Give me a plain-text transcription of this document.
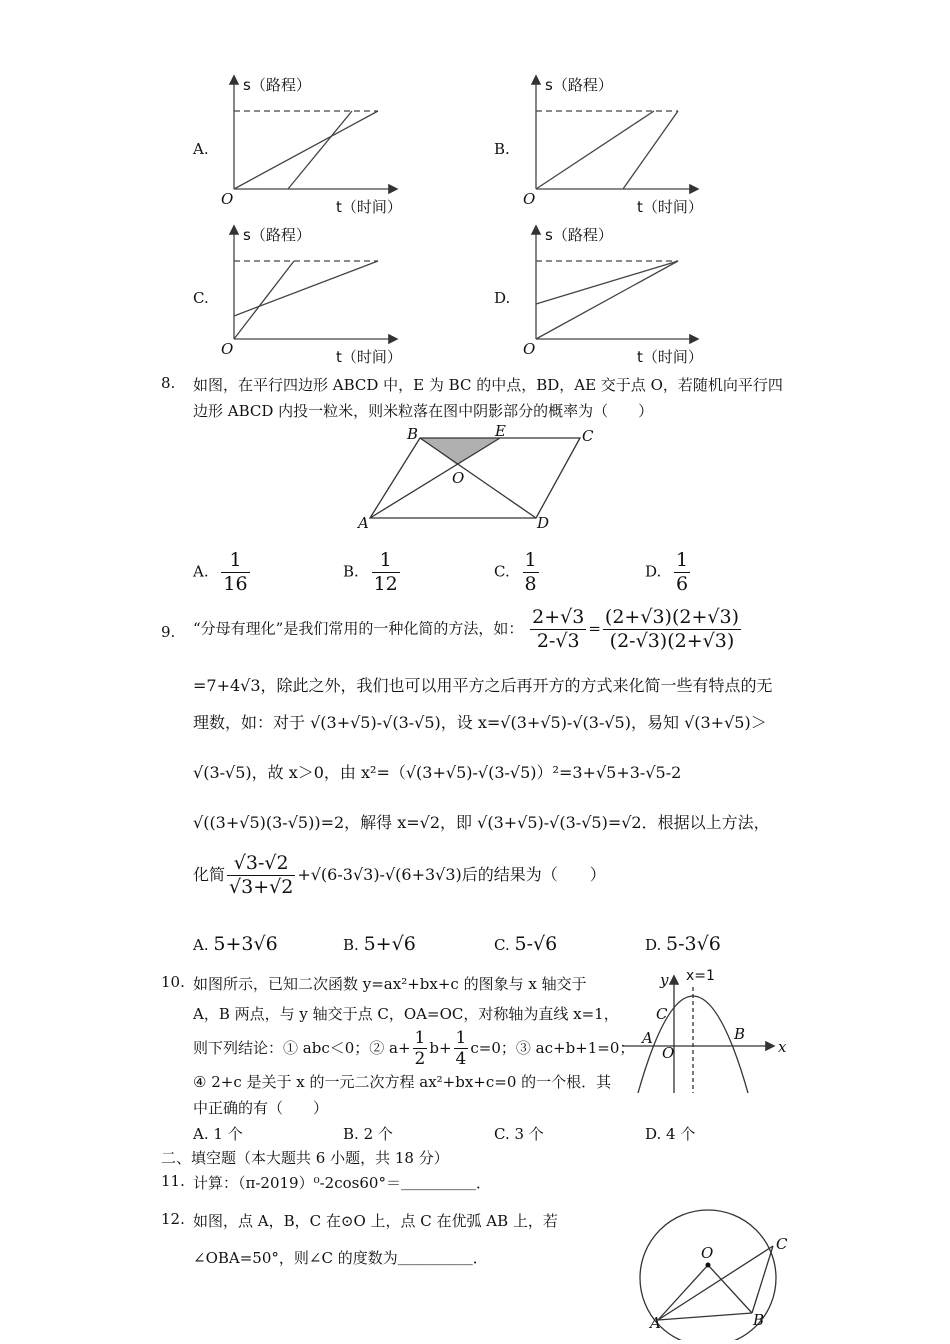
s（路程）
t（时间）
O
A.
s（路程）
t（时间）
O
B.
s（路程）
t（时间）
O
C.
s（路程）
t（时间）
O
D.
8. 如图，在平行四边形 ABCD 中，E 为 BC 的中点，BD，AE 交于点 O，若随机向平行四
边形 ABCD 内投一粒米，则米粒落在图中阴影部分的概率为（　　）
B	E	C
O
A	D
A. $\frac{1}{16}$	B. $\frac{1}{12}$	C. $\frac{1}{8}$	D. $\frac{1}{6}$
9. “分母有理化”是我们常用的一种化简的方法，如： $\frac{2+√3}{2-√3} = \frac{(2+√3)(2+√3)}{(2-√3)(2+√3)}$
=7+4√3，除此之外，我们也可以用平方之后再开方的方式来化简一些有特点的无
理数，如：对于 √(3+√5)-√(3-√5)，设 x=√(3+√5)-√(3-√5)，易知 √(3+√5)＞
√(3-√5)，故 x＞0，由 x²=（√(3+√5)-√(3-√5)）²=3+√5+3-√5-2
√((3+√5)(3-√5))=2，解得 x=√2，即 √(3+√5)-√(3-√5)=√2．根据以上方法，
化简 $\frac{√3-√2}{√3+√2} +√(6-3√3)-√(6+3√3)$后的结果为（　　）
A. 5+3√6	B. 5+√6	C. 5-√6	D. 5-3√6
10. 如图所示，已知二次函数 y=ax²+bx+c 的图象与 x 轴交于
A，B 两点，与 y 轴交于点 C，OA=OC，对称轴为直线 x=1，
则下列结论：① abc＜0；② $a+ \frac{1}{2} b+ \frac{1}{4} c=0$；③ ac+b+1=0；
④ 2+c 是关于 x 的一元二次方程 ax²+bx+c=0 的一个根．其
中正确的有（　　）
y x=1
C
A	B
O	x
A. 1 个	B. 2 个	C. 3 个	D. 4 个
二、填空题（本大题共 6 小题，共 18 分）
11. 计算：（π-2019）⁰-2cos60°＝＿＿＿＿＿．
12. 如图，点 A，B，C 在⊙O 上，点 C 在优弧 AB 上，若
∠OBA=50°，则∠C 的度数为＿＿＿＿＿．	O	C
A	B
